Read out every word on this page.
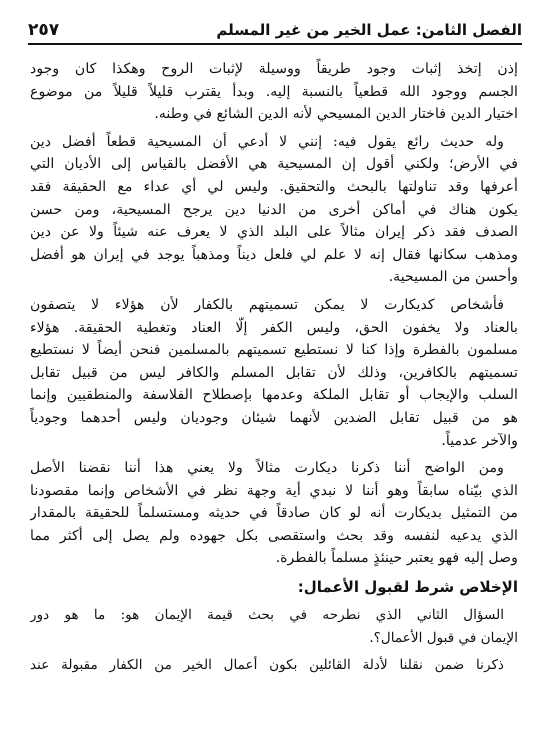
الفصل الثامن: عمل الخير من غير المسلم
٢٥٧
إذن إتخذ إثبات وجود طريقاً ووسيلة لإثبات الروح وهكذا كان وجود
الجسم ووجود الله قطعياً بالنسبة إليه. وبدأ يقترب قليلاً قليلاً من موضوع
اختيار الدين فاختار الدين المسيحي لأنه الدين الشائع في وطنه.
وله حديث رائع يقول فيه: إنني لا أدعي أن المسيحية قطعاً أفضل دين
في الأرض؛ ولكني أقول إن المسيحية هي الأفضل بالقياس إلى الأديان التي
أعرفها وقد تناولتها بالبحث والتحقيق. وليس لي أي عداء مع الحقيقة فقد
يكون هناك في أماكن أخرى من الدنيا دين يرجح المسيحية، ومن حسن
الصدف فقد ذكر إيران مثالاً على البلد الذي لا يعرف عنه شيئاً ولا عن دين
ومذهب سكانها فقال إنه لا علم لي فلعل ديناً ومذهباً يوجد في إيران هو أفضل
وأحسن من المسيحية.
فأشخاص كديكارت لا يمكن تسميتهم بالكفار لأن هؤلاء لا يتصفون
بالعناد ولا يخفون الحق، وليس الكفر إلّا العناد وتغطية الحقيقة. هؤلاء
مسلمون بالفطرة وإذا كنا لا نستطيع تسميتهم بالمسلمين فنحن أيضاً لا نستطيع
تسميتهم بالكافرين، وذلك لأن تقابل المسلم والكافر ليس من قبيل تقابل
السلب والإيجاب أو تقابل الملكة وعدمها بإصطلاح الفلاسفة والمنطقيين وإنما
هو من قبيل تقابل الضدين لأنهما شيئان وجوديان وليس أحدهما وجودياً
والآخر عدمياً.
ومن الواضح أننا ذكرنا ديكارت مثالاً ولا يعني هذا أننا نقضنا الأصل
الذي بيّناه سابقاً وهو أننا لا نبدي أية وجهة نظر في الأشخاص وإنما مقصودنا
من التمثيل بديكارت أنه لو كان صادقاً في حديثه ومستسلماً للحقيقة بالمقدار
الذي يدعيه لنفسه وقد بحث واستقصى بكل جهوده ولم يصل إلى أكثر مما
وصل إليه فهو يعتبر حينئذٍ مسلماً بالفطرة.
الإخلاص شرط لقبول الأعمال:
السؤال الثاني الذي نطرحه في بحث قيمة الإيمان هو: ما هو دور
الإيمان في قبول الأعمال؟.
ذكرنا ضمن نقلنا لأدلة القائلين بكون أعمال الخير من الكفار مقبولة عند
